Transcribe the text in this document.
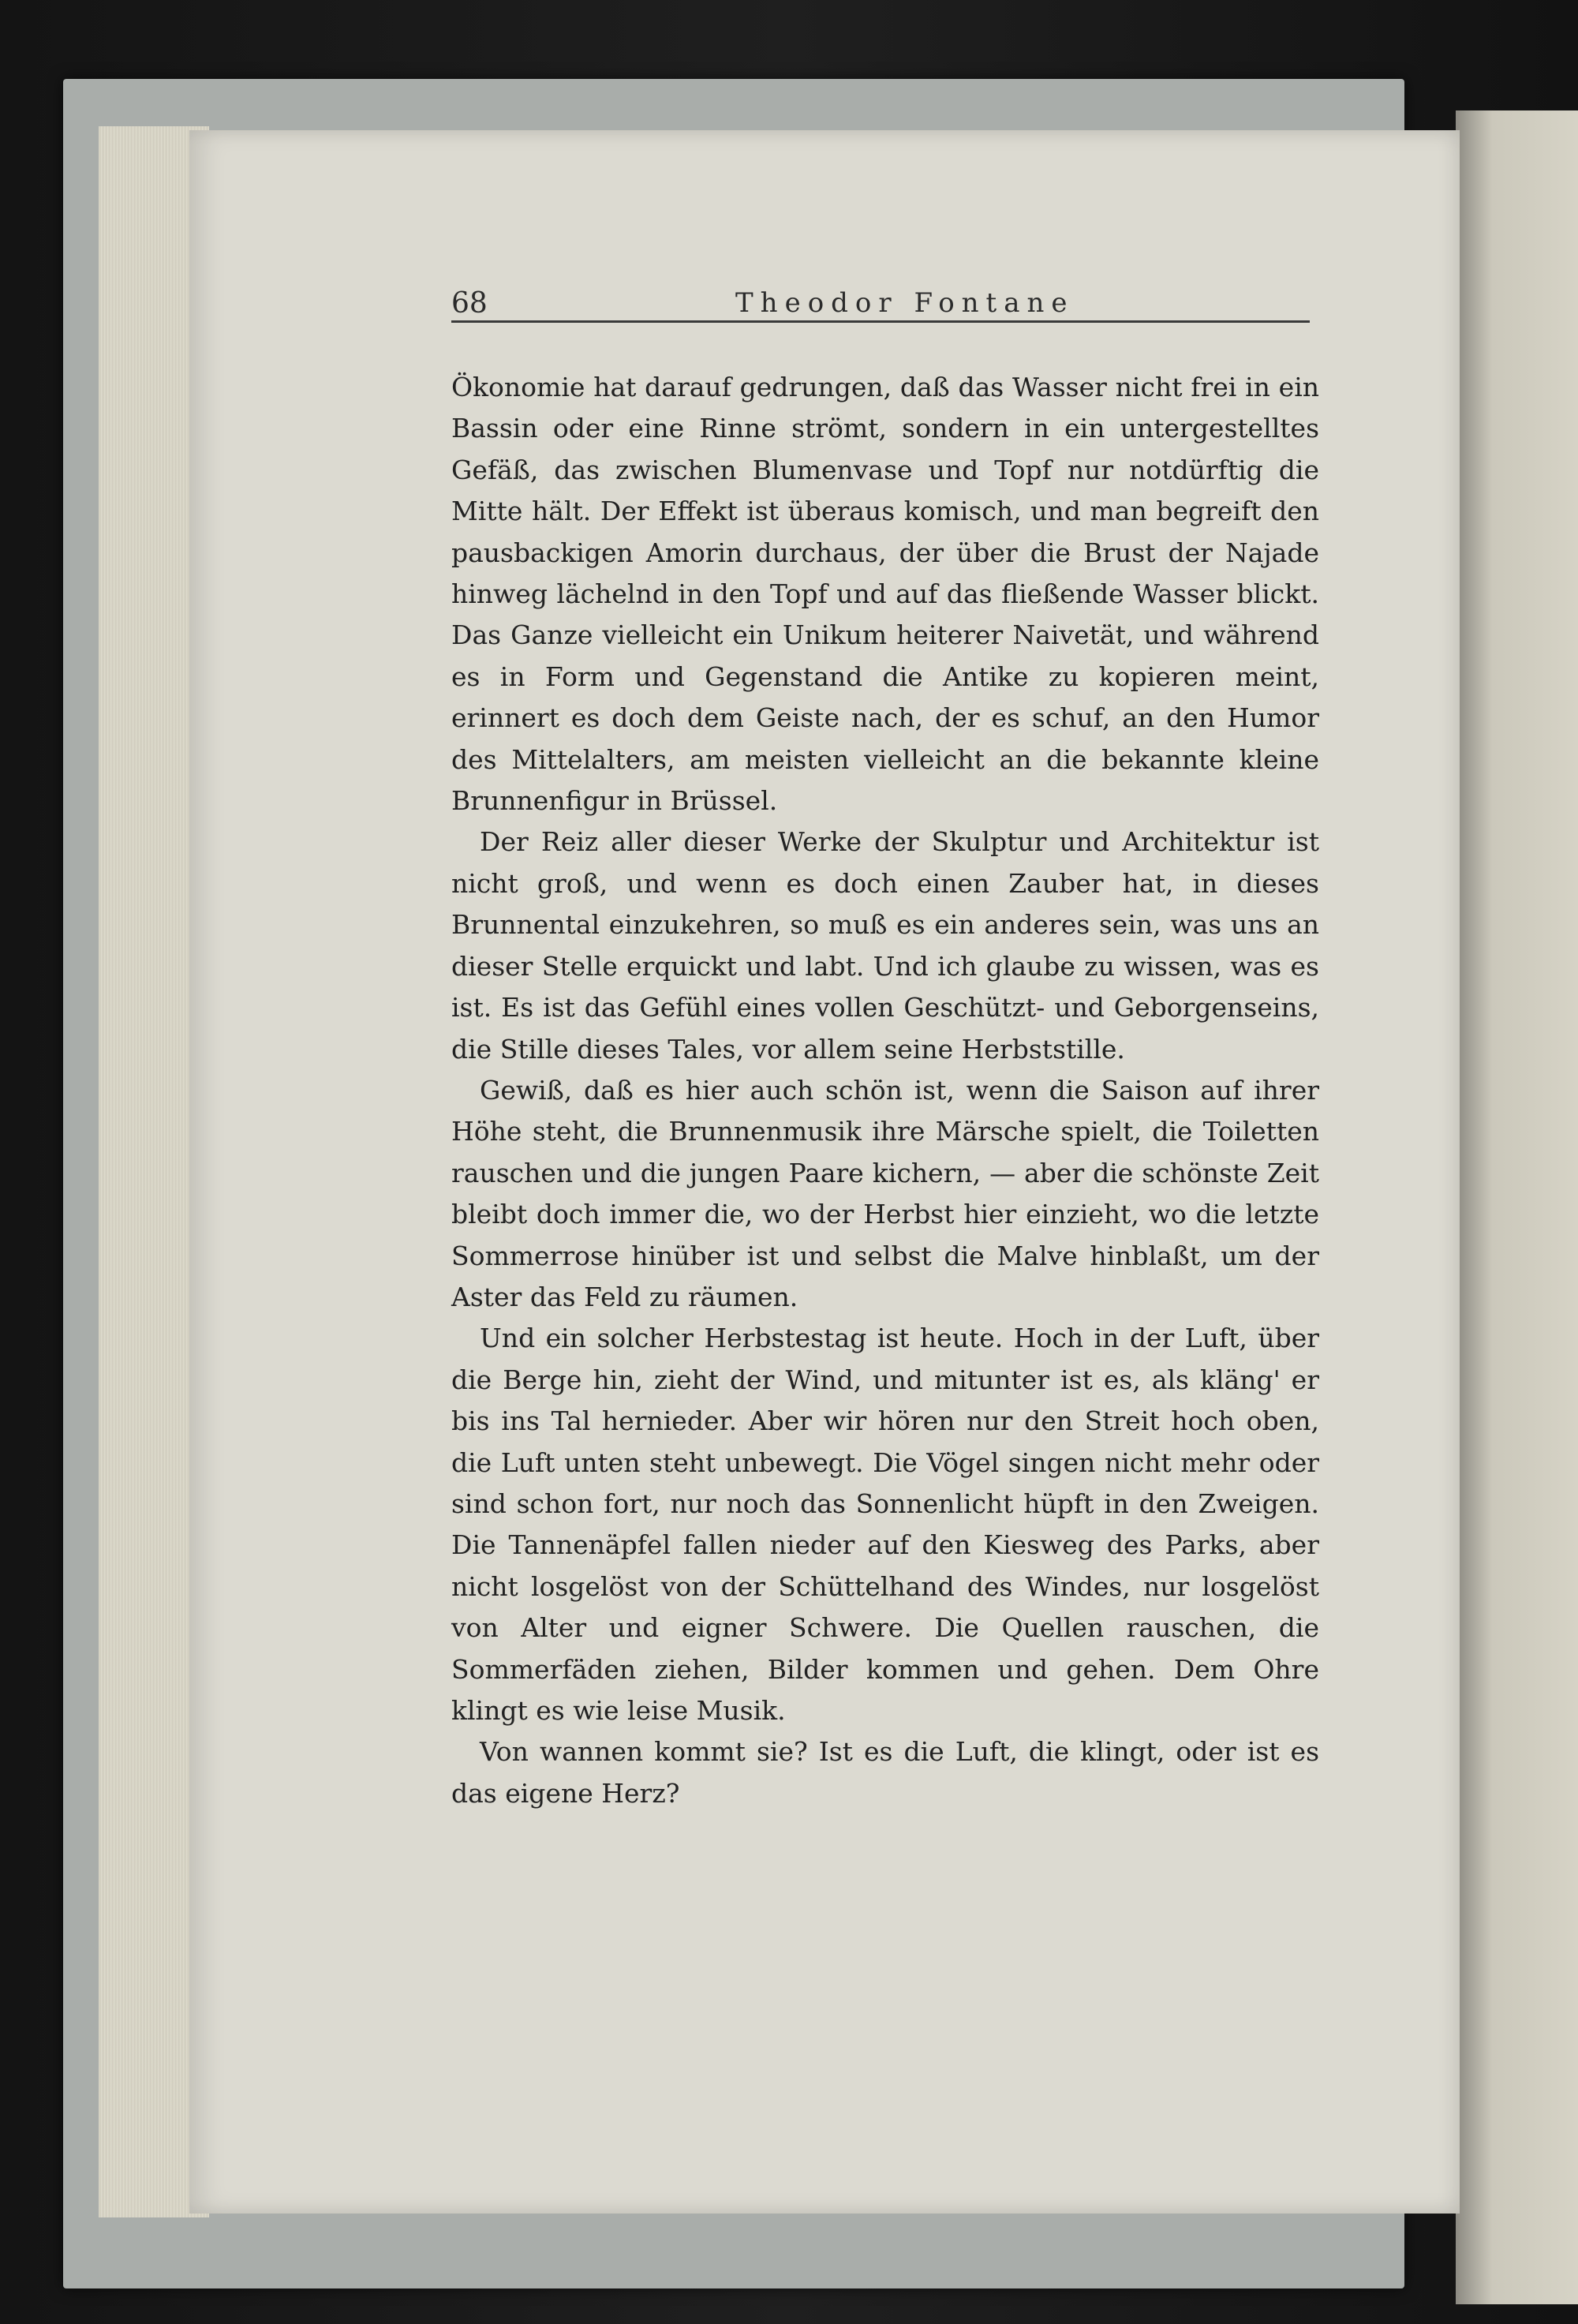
68	Theodor Fontane

Ökonomie hat darauf gedrungen, daß das Wasser nicht frei in ein Bassin oder eine Rinne strömt, sondern in ein untergestelltes Gefäß, das zwischen Blumenvase und Topf nur notdürftig die Mitte hält. Der Effekt ist überaus komisch, und man begreift den pausbackigen Amorin durchaus, der über die Brust der Najade hinweg lächelnd in den Topf und auf das fließende Wasser blickt. Das Ganze vielleicht ein Unikum heiterer Naivetät, und während es in Form und Gegenstand die Antike zu kopieren meint, erinnert es doch dem Geiste nach, der es schuf, an den Humor des Mittelalters, am meisten vielleicht an die bekannte kleine Brunnenfigur in Brüssel.

Der Reiz aller dieser Werke der Skulptur und Architektur ist nicht groß, und wenn es doch einen Zauber hat, in dieses Brunnental einzukehren, so muß es ein anderes sein, was uns an dieser Stelle erquickt und labt. Und ich glaube zu wissen, was es ist. Es ist das Gefühl eines vollen Geschützt- und Geborgenseins, die Stille dieses Tales, vor allem seine Herbststille.

Gewiß, daß es hier auch schön ist, wenn die Saison auf ihrer Höhe steht, die Brunnenmusik ihre Märsche spielt, die Toiletten rauschen und die jungen Paare kichern, — aber die schönste Zeit bleibt doch immer die, wo der Herbst hier einzieht, wo die letzte Sommerrose hinüber ist und selbst die Malve hinblaßt, um der Aster das Feld zu räumen.

Und ein solcher Herbstestag ist heute. Hoch in der Luft, über die Berge hin, zieht der Wind, und mitunter ist es, als kläng' er bis ins Tal hernieder. Aber wir hören nur den Streit hoch oben, die Luft unten steht unbewegt. Die Vögel singen nicht mehr oder sind schon fort, nur noch das Sonnenlicht hüpft in den Zweigen. Die Tannenäpfel fallen nieder auf den Kiesweg des Parks, aber nicht losgelöst von der Schüttelhand des Windes, nur losgelöst von Alter und eigner Schwere. Die Quellen rauschen, die Sommerfäden ziehen, Bilder kommen und gehen. Dem Ohre klingt es wie leise Musik.

Von wannen kommt sie? Ist es die Luft, die klingt, oder ist es das eigene Herz?
